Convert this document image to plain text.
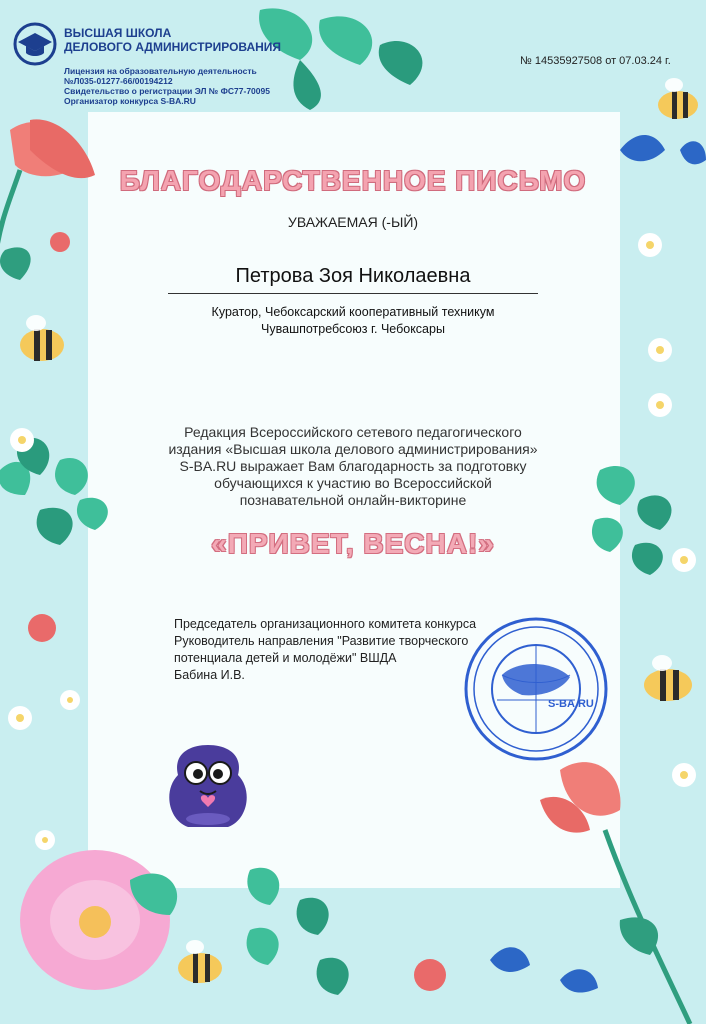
ВЫСШАЯ ШКОЛА
ДЕЛОВОГО АДМИНИСТРИРОВАНИЯ
Лицензия на образовательную деятельность
№Л035-01277-66/00194212
Свидетельство о регистрации ЭЛ № ФС77-70095
Организатор конкурса S-BA.RU
№ 14535927508 от 07.03.24 г.
БЛАГОДАРСТВЕННОЕ ПИСЬМО
УВАЖАЕМАЯ (-ЫЙ)
Петрова Зоя Николаевна
Куратор, Чебоксарский кооперативный техникум
Чувашпотребсоюз г. Чебоксары
Редакция Всероссийского сетевого педагогического
издания «Высшая школа делового администрирования»
S-BA.RU выражает Вам благодарность за подготовку
обучающихся к участию во Всероссийской
познавательной онлайн-викторине
«ПРИВЕТ, ВЕСНА!»
Председатель организационного комитета конкурса
Руководитель направления "Развитие творческого
потенциала детей и молодёжи" ВШДА
Бабина И.В.
S-BA.RU
